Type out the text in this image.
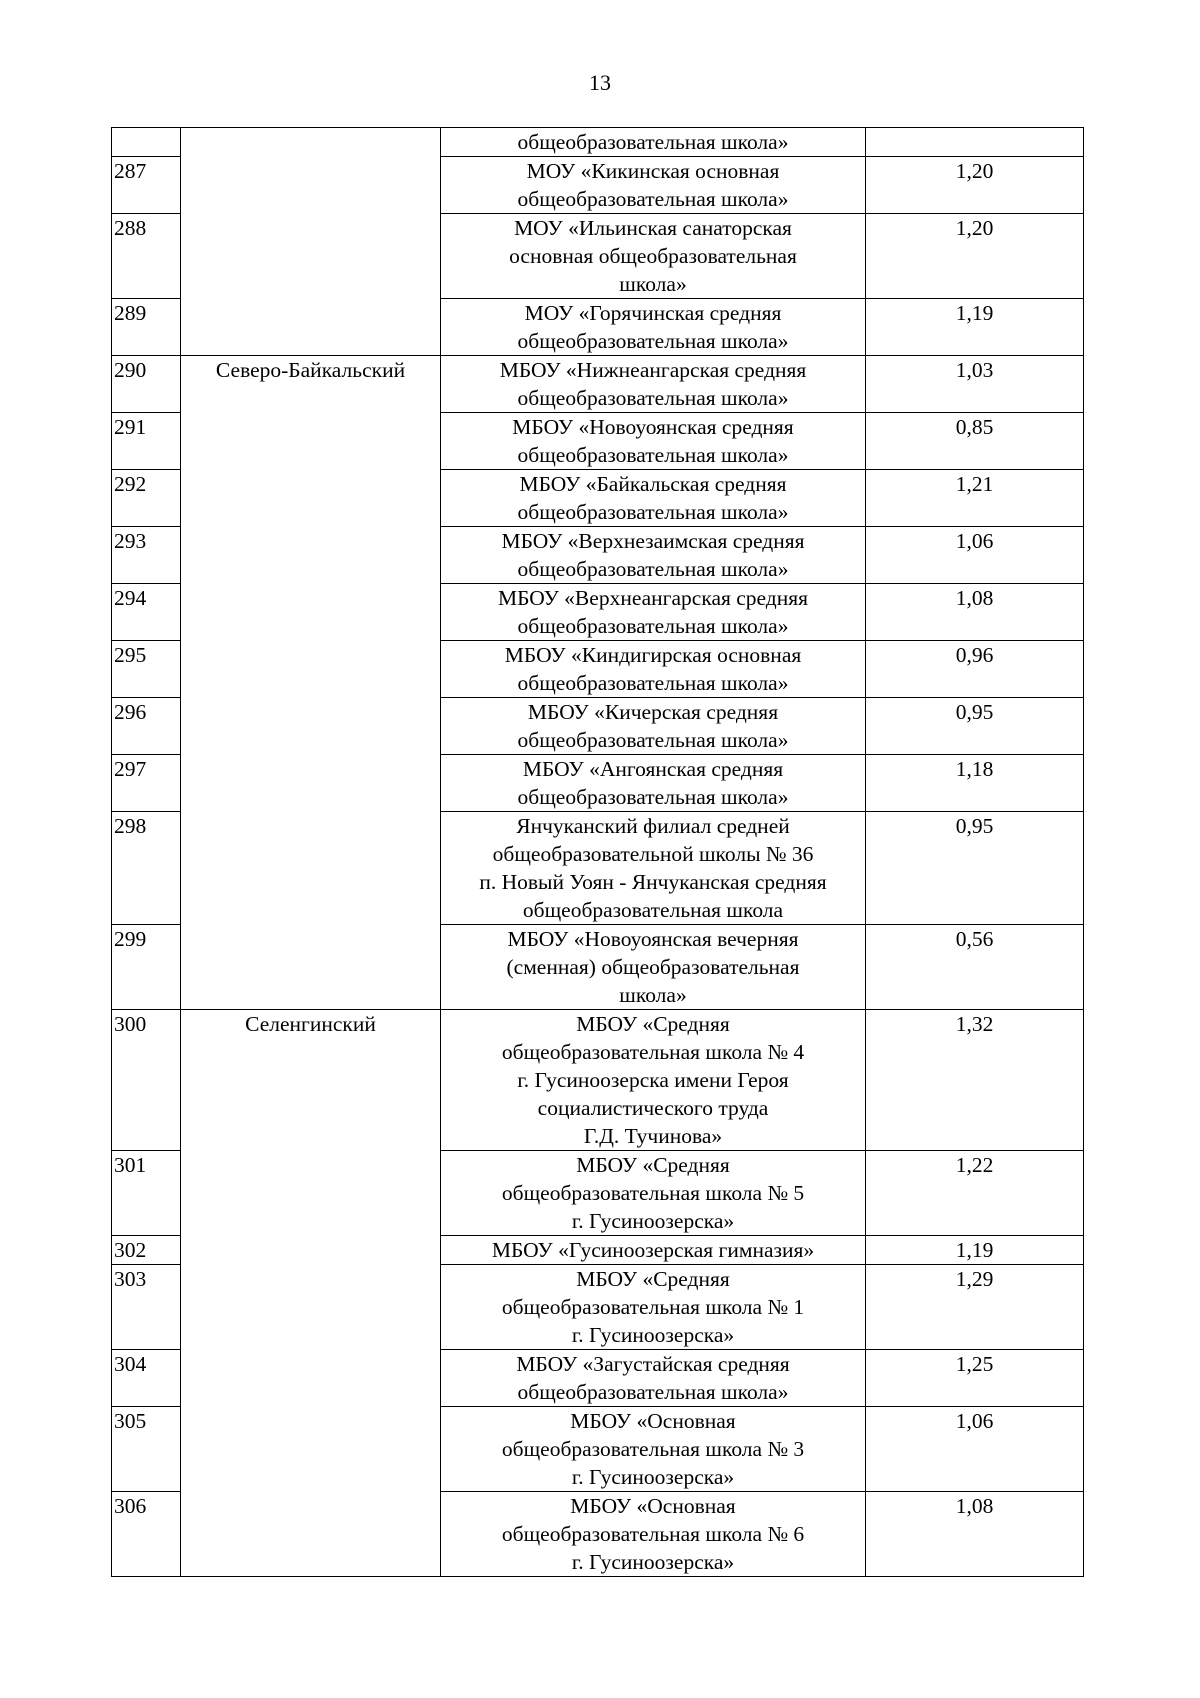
13

		общеобразовательная школа»	

287		МОУ «Кикинская основная
общеобразовательная школа»	1,20
288		МОУ «Ильинская санаторская
основная общеобразовательная
школа»	1,20
289		МОУ «Горячинская средняя
общеобразовательная школа»	1,19
290	Северо-Байкальский	МБОУ «Нижнеангарская средняя
общеобразовательная школа»	1,03
291		МБОУ «Новоуоянская средняя
общеобразовательная школа»	0,85
292		МБОУ «Байкальская средняя
общеобразовательная школа»	1,21
293		МБОУ «Верхнезаимская средняя
общеобразовательная школа»	1,06
294		МБОУ «Верхнеангарская средняя
общеобразовательная школа»	1,08
295		МБОУ «Киндигирская основная
общеобразовательная школа»	0,96
296		МБОУ «Кичерская средняя
общеобразовательная школа»	0,95
297		МБОУ «Ангоянская средняя
общеобразовательная школа»	1,18
298		Янчуканский филиал средней
общеобразовательной школы № 36
п. Новый Уоян - Янчуканская средняя
общеобразовательная школа	0,95
299		МБОУ «Новоуоянская вечерняя
(сменная) общеобразовательная
школа»	0,56
300	Селенгинский	МБОУ «Средняя
общеобразовательная школа № 4
г. Гусиноозерска имени Героя
социалистического труда
Г.Д. Тучинова»	1,32
301		МБОУ «Средняя
общеобразовательная школа № 5
г. Гусиноозерска»	1,22
302		МБОУ «Гусиноозерская гимназия»	1,19
303		МБОУ «Средняя
общеобразовательная школа № 1
г. Гусиноозерска»	1,29
304		МБОУ «Загустайская средняя
общеобразовательная школа»	1,25
305		МБОУ «Основная
общеобразовательная школа № 3
г. Гусиноозерска»	1,06
306		МБОУ «Основная
общеобразовательная школа № 6
г. Гусиноозерска»	1,08
